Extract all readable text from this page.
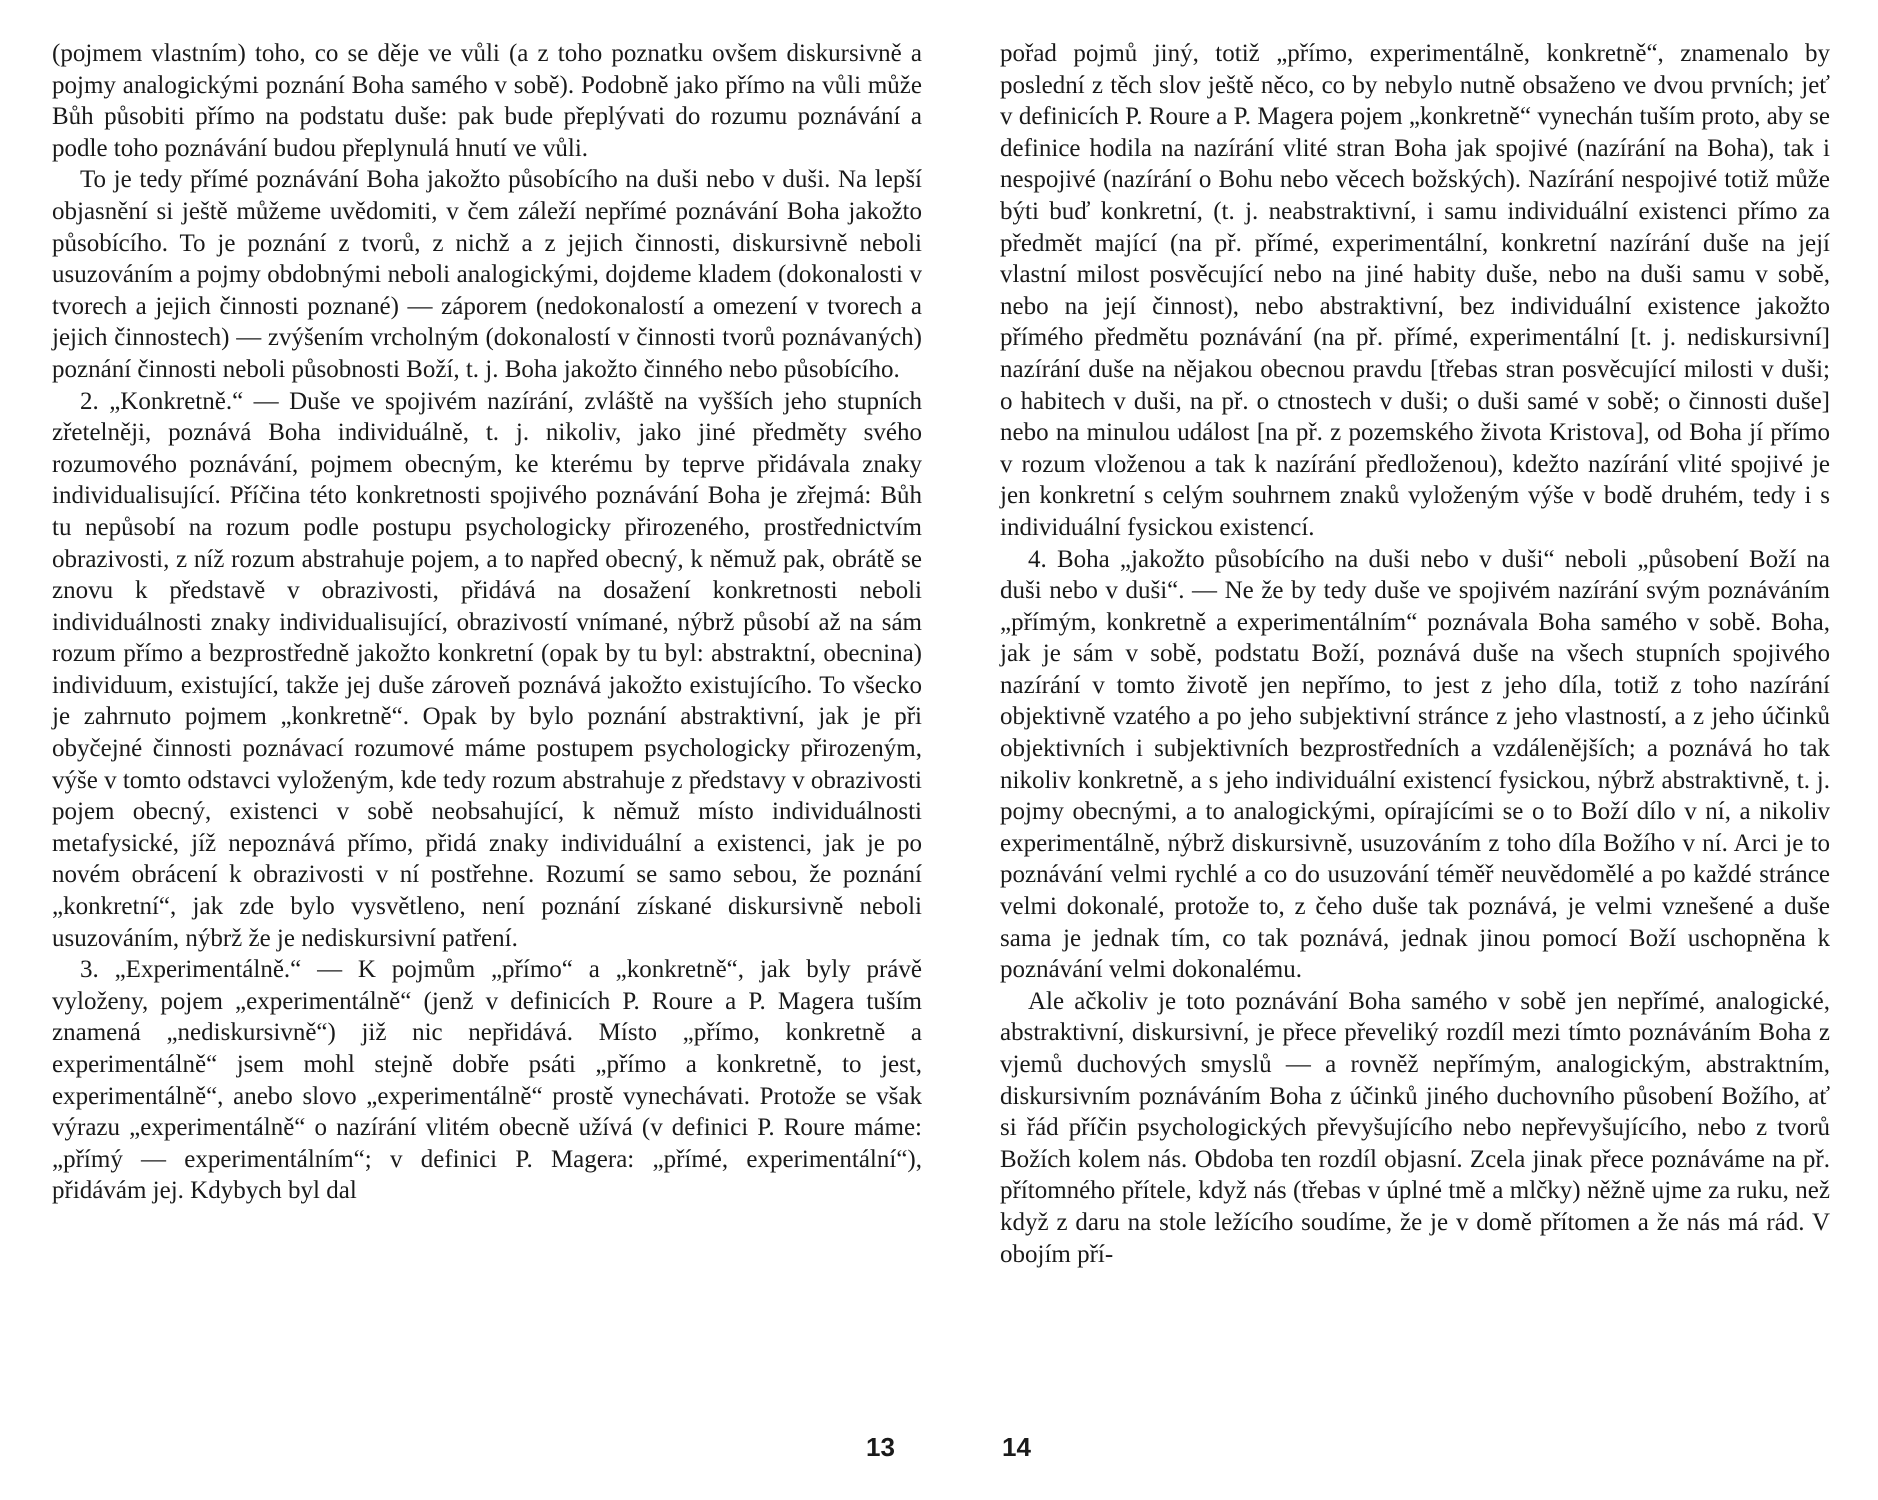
(pojmem vlastním) toho, co se děje ve vůli (a z toho poznatku ovšem diskursivně a pojmy analogickými poznání Boha samého v sobě). Podobně jako přímo na vůli může Bůh působiti přímo na podstatu duše: pak bude přeplývati do rozumu poznávání a podle toho poznávání budou přeplynulá hnutí ve vůli.

To je tedy přímé poznávání Boha jakožto působícího na duši nebo v duši. Na lepší objasnění si ještě můžeme uvědomiti, v čem záleží nepřímé poznávání Boha jakožto působícího. To je poznání z tvorů, z nichž a z jejich činnosti, diskursivně neboli usuzováním a pojmy obdobnými neboli analogickými, dojdeme kladem (dokonalosti v tvorech a jejich činnosti poznané) — záporem (nedokonalostí a omezení v tvorech a jejich činnostech) — zvýšením vrcholným (dokonalostí v činnosti tvorů poznávaných) poznání činnosti neboli působnosti Boží, t. j. Boha jakožto činného nebo působícího.

2. „Konkretně.“ — Duše ve spojivém nazírání, zvláště na vyšších jeho stupních zřetelněji, poznává Boha individuálně, t. j. nikoliv, jako jiné předměty svého rozumového poznávání, pojmem obecným, ke kterému by teprve přidávala znaky individualisující. Příčina této konkretnosti spojivého poznávání Boha je zřejmá: Bůh tu nepůsobí na rozum podle postupu psychologicky přirozeného, prostřednictvím obrazivosti, z níž rozum abstrahuje pojem, a to napřed obecný, k němuž pak, obrátě se znovu k představě v obrazivosti, přidává na dosažení konkretnosti neboli individuálnosti znaky individualisující, obrazivostí vnímané, nýbrž působí až na sám rozum přímo a bezprostředně jakožto konkretní (opak by tu byl: abstraktní, obecnina) individuum, existující, takže jej duše zároveň poznává jakožto existujícího. To všecko je zahrnuto pojmem „konkretně“. Opak by bylo poznání abstraktivní, jak je při obyčejné činnosti poznávací rozumové máme postupem psychologicky přirozeným, výše v tomto odstavci vyloženým, kde tedy rozum abstrahuje z představy v obrazivosti pojem obecný, existenci v sobě neobsahující, k němuž místo individuálnosti metafysické, jíž nepoznává přímo, přidá znaky individuální a existenci, jak je po novém obrácení k obrazivosti v ní postřehne. Rozumí se samo sebou, že poznání „konkretní“, jak zde bylo vysvětleno, není poznání získané diskursivně neboli usuzováním, nýbrž že je nediskursivní patření.

3. „Experimentálně.“ — K pojmům „přímo“ a „konkretně“, jak byly právě vyloženy, pojem „experimentálně“ (jenž v definicích P. Roure a P. Magera tuším znamená „nediskursivně“) již nic nepřidává. Místo „přímo, konkretně a experimentálně“ jsem mohl stejně dobře psáti „přímo a konkretně, to jest, experimentálně“, anebo slovo „experimentálně“ prostě vynechávati. Protože se však výrazu „experimentálně“ o nazírání vlitém obecně užívá (v definici P. Roure máme: „přímý — experimentálním“; v definici P. Magera: „přímé, experimentální“), přidávám jej. Kdybych byl dal

13

pořad pojmů jiný, totiž „přímo, experimentálně, konkretně“, znamenalo by poslední z těch slov ještě něco, co by nebylo nutně obsaženo ve dvou prvních; jeť v definicích P. Roure a P. Magera pojem „konkretně“ vynechán tuším proto, aby se definice hodila na nazírání vlité stran Boha jak spojivé (nazírání na Boha), tak i nespojivé (nazírání o Bohu nebo věcech božských). Nazírání nespojivé totiž může býti buď konkretní, (t. j. neabstraktivní, i samu individuální existenci přímo za předmět mající (na př. přímé, experimentální, konkretní nazírání duše na její vlastní milost posvěcující nebo na jiné habity duše, nebo na duši samu v sobě, nebo na její činnost), nebo abstraktivní, bez individuální existence jakožto přímého předmětu poznávání (na př. přímé, experimentální [t. j. nediskursivní] nazírání duše na nějakou obecnou pravdu [třebas stran posvěcující milosti v duši; o habitech v duši, na př. o ctnostech v duši; o duši samé v sobě; o činnosti duše] nebo na minulou událost [na př. z pozemského života Kristova], od Boha jí přímo v rozum vloženou a tak k nazírání předloženou), kdežto nazírání vlité spojivé je jen konkretní s celým souhrnem znaků vyloženým výše v bodě druhém, tedy i s individuální fysickou existencí.

4. Boha „jakožto působícího na duši nebo v duši“ neboli „působení Boží na duši nebo v duši“. — Ne že by tedy duše ve spojivém nazírání svým poznáváním „přímým, konkretně a experimentálním“ poznávala Boha samého v sobě. Boha, jak je sám v sobě, podstatu Boží, poznává duše na všech stupních spojivého nazírání v tomto životě jen nepřímo, to jest z jeho díla, totiž z toho nazírání objektivně vzatého a po jeho subjektivní stránce z jeho vlastností, a z jeho účinků objektivních i subjektivních bezprostředních a vzdálenějších; a poznává ho tak nikoliv konkretně, a s jeho individuální existencí fysickou, nýbrž abstraktivně, t. j. pojmy obecnými, a to analogickými, opírajícími se o to Boží dílo v ní, a nikoliv experimentálně, nýbrž diskursivně, usuzováním z toho díla Božího v ní. Arci je to poznávání velmi rychlé a co do usuzování téměř neuvědomělé a po každé stránce velmi dokonalé, protože to, z čeho duše tak poznává, je velmi vznešené a duše sama je jednak tím, co tak poznává, jednak jinou pomocí Boží uschopněna k poznávání velmi dokonalému.

Ale ačkoliv je toto poznávání Boha samého v sobě jen nepřímé, analogické, abstraktivní, diskursivní, je přece převeliký rozdíl mezi tímto poznáváním Boha z vjemů duchových smyslů — a rovněž nepřímým, analogickým, abstraktním, diskursivním poznáváním Boha z účinků jiného duchovního působení Božího, ať si řád příčin psychologických převyšujícího nebo nepřevyšujícího, nebo z tvorů Božích kolem nás. Obdoba ten rozdíl objasní. Zcela jinak přece poznáváme na př. přítomného přítele, když nás (třebas v úplné tmě a mlčky) něžně ujme za ruku, než když z daru na stole ležícího soudíme, že je v domě přítomen a že nás má rád. V obojím pří-

14
